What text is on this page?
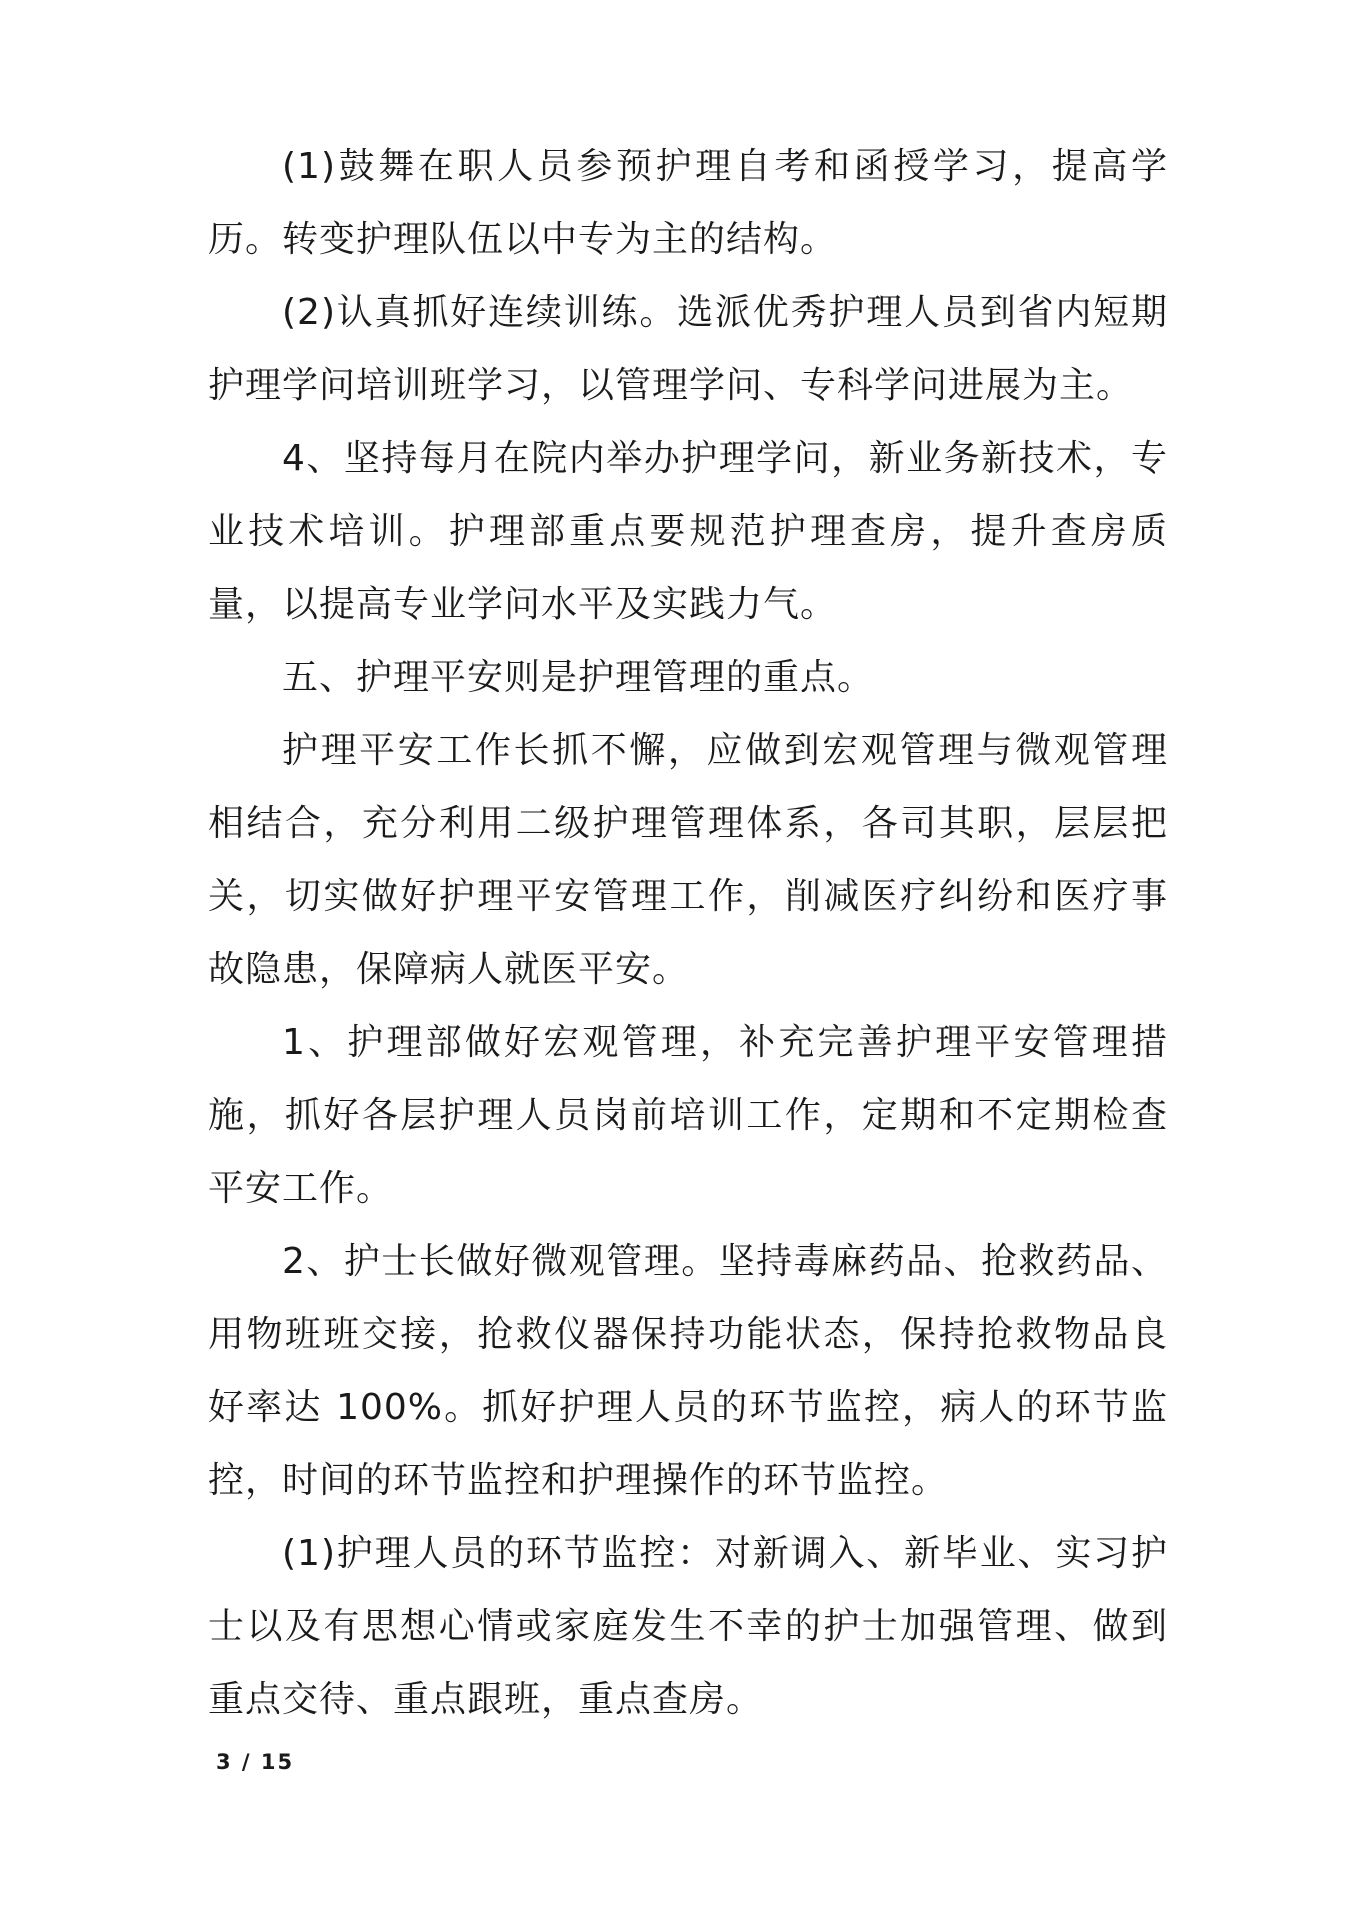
(1)鼓舞在职人员参预护理自考和函授学习，提高学历。转变护理队伍以中专为主的结构。

(2)认真抓好连续训练。选派优秀护理人员到省内短期护理学问培训班学习，以管理学问、专科学问进展为主。

4、坚持每月在院内举办护理学问，新业务新技术，专业技术培训。护理部重点要规范护理查房，提升查房质量，以提高专业学问水平及实践力气。

五、护理平安则是护理管理的重点。

护理平安工作长抓不懈，应做到宏观管理与微观管理相结合，充分利用二级护理管理体系，各司其职，层层把关，切实做好护理平安管理工作，削减医疗纠纷和医疗事故隐患，保障病人就医平安。

1、护理部做好宏观管理，补充完善护理平安管理措施，抓好各层护理人员岗前培训工作，定期和不定期检查平安工作。

2、护士长做好微观管理。坚持毒麻药品、抢救药品、用物班班交接，抢救仪器保持功能状态，保持抢救物品良好率达 100%。抓好护理人员的环节监控，病人的环节监控，时间的环节监控和护理操作的环节监控。

(1)护理人员的环节监控：对新调入、新毕业、实习护士以及有思想心情或家庭发生不幸的护士加强管理、做到重点交待、重点跟班，重点查房。

3 / 15
